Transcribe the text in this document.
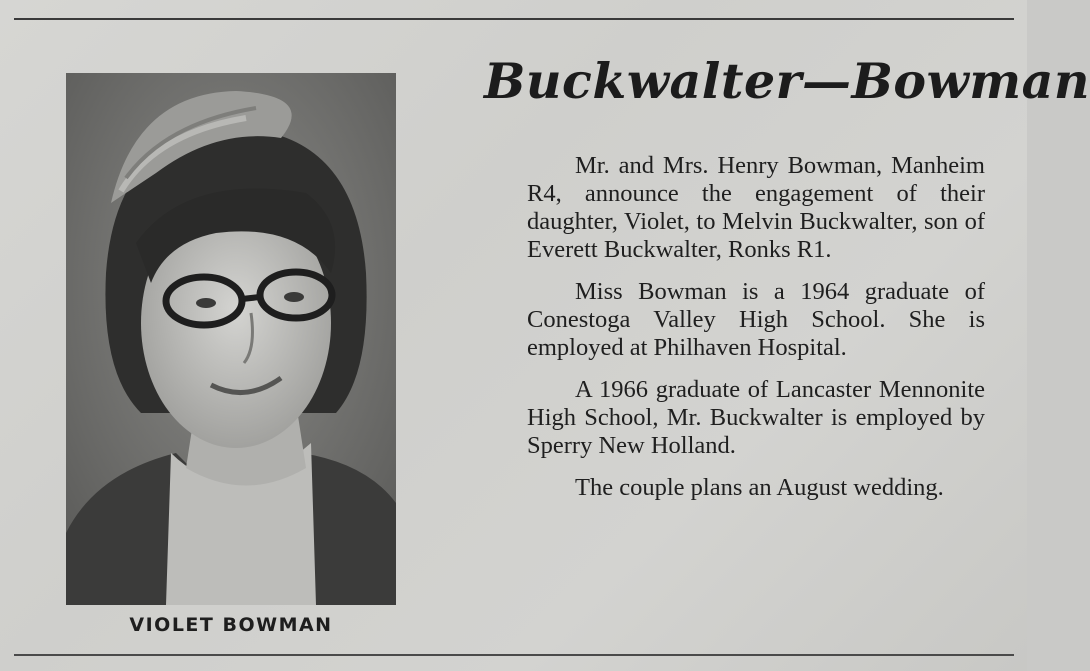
VIOLET BOWMAN
Buckwalter—Bowman

Mr. and Mrs. Henry Bowman, Manheim R4, announce the engagement of their daughter, Violet, to Melvin Buckwalter, son of Everett Buckwalter, Ronks R1.

Miss Bowman is a 1964 graduate of Conestoga Valley High School. She is employed at Philhaven Hospital.

A 1966 graduate of Lancaster Mennonite High School, Mr. Buckwalter is employed by Sperry New Holland.

The couple plans an August wedding.
